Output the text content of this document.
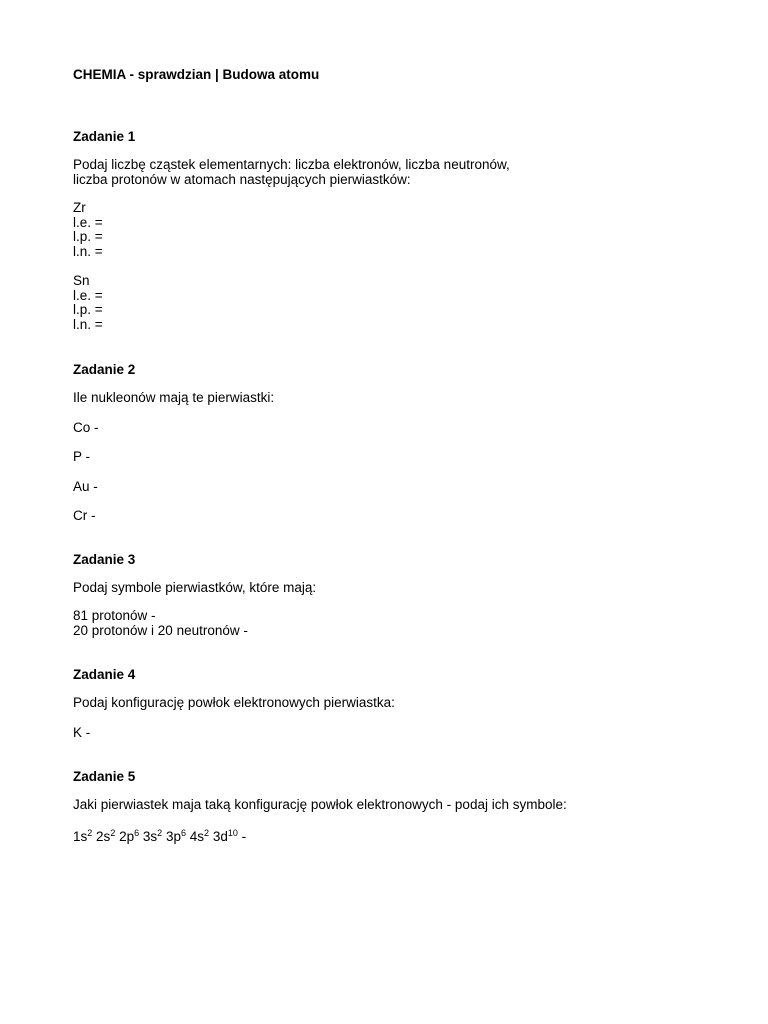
CHEMIA - sprawdzian | Budowa atomu
Zadanie 1
Podaj liczbę cząstek elementarnych: liczba elektronów, liczba neutronów,
liczba protonów w atomach następujących pierwiastków:
Zr
l.e. =
l.p. =
l.n. =
Sn
l.e. =
l.p. =
l.n. =
Zadanie 2
Ile nukleonów mają te pierwiastki:
Co -
P -
Au -
Cr -
Zadanie 3
Podaj symbole pierwiastków, które mają:
81 protonów -
20 protonów i 20 neutronów -
Zadanie 4
Podaj konfigurację powłok elektronowych pierwiastka:
K -
Zadanie 5
Jaki pierwiastek maja taką konfigurację powłok elektronowych - podaj ich symbole:
$1s^2$ $2s^2$ $2p^6$ $3s^2$ $3p^6$ $4s^2$ $3d^{10}$ -
